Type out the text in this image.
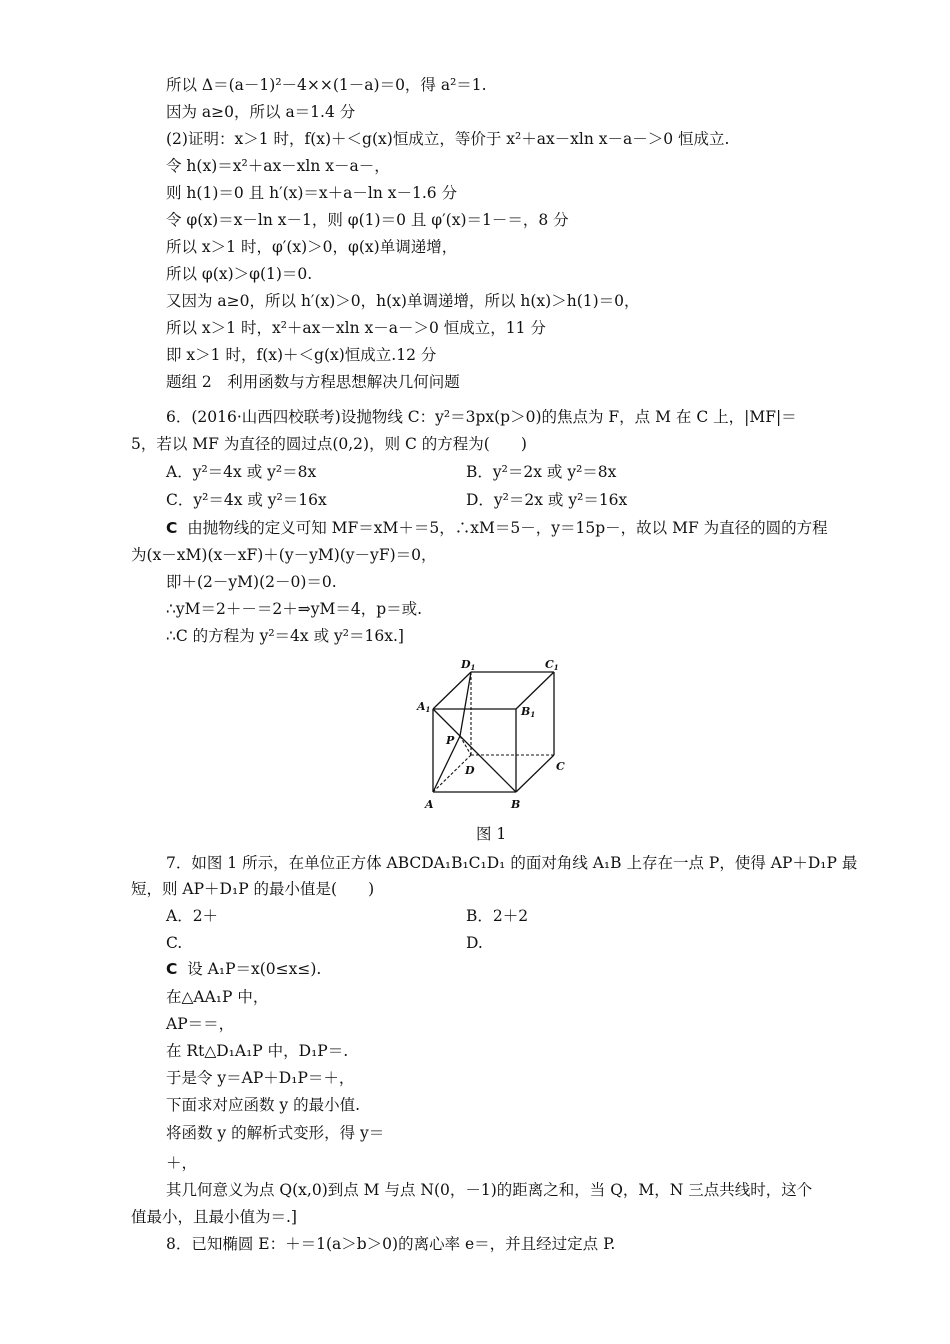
所以 Δ＝(a－1)²－4××(1－a)＝0，得 a²＝1.
因为 a≥0，所以 a＝1.4 分
(2)证明：x＞1 时，f(x)＋＜g(x)恒成立，等价于 x²＋ax－xln x－a－＞0 恒成立.
令 h(x)＝x²＋ax－xln x－a－，
则 h(1)＝0 且 h′(x)＝x＋a－ln x－1.6 分
令 φ(x)＝x－ln x－1，则 φ(1)＝0 且 φ′(x)＝1－＝，8 分
所以 x＞1 时，φ′(x)＞0，φ(x)单调递增，
所以 φ(x)＞φ(1)＝0.
又因为 a≥0，所以 h′(x)＞0，h(x)单调递增，所以 h(x)＞h(1)＝0，
所以 x＞1 时，x²＋ax－xln x－a－＞0 恒成立，11 分
即 x＞1 时，f(x)＋＜g(x)恒成立.12 分
题组 2　利用函数与方程思想解决几何问题
6．(2016·山西四校联考)设抛物线 C：y²＝3px(p＞0)的焦点为 F，点 M 在 C 上，|MF|＝
5，若以 MF 为直径的圆过点(0,2)，则 C 的方程为(　　)
A．y²＝4x 或 y²＝8x	B．y²＝2x 或 y²＝8x
C．y²＝4x 或 y²＝16x	D．y²＝2x 或 y²＝16x
C 由抛物线的定义可知 MF＝xM＋＝5，∴xM＝5－，y＝15p－，故以 MF 为直径的圆的方程
为(x－xM)(x－xF)＋(y－yM)(y－yF)＝0，
即＋(2－yM)(2－0)＝0.
∴yM＝2＋－＝2＋⇒yM＝4，p＝或.
∴C 的方程为 y²＝4x 或 y²＝16x.]
D1	C1
A1	B1
P
D	C
A	B
图 1
7．如图 1 所示，在单位正方体 ABCDA₁B₁C₁D₁ 的面对角线 A₁B 上存在一点 P，使得 AP＋D₁P 最
短，则 AP＋D₁P 的最小值是(　　)
A．2＋	B．2＋2
C.	D.
C 设 A₁P＝x(0≤x≤).
在△AA₁P 中，
AP＝＝，
在 Rt△D₁A₁P 中，D₁P＝.
于是令 y＝AP＋D₁P＝＋，
下面求对应函数 y 的最小值.
将函数 y 的解析式变形，得 y＝
＋，
其几何意义为点 Q(x,0)到点 M 与点 N(0，－1)的距离之和，当 Q，M，N 三点共线时，这个
值最小，且最小值为＝.]
8．已知椭圆 E：＋＝1(a＞b＞0)的离心率 e＝，并且经过定点 P.
